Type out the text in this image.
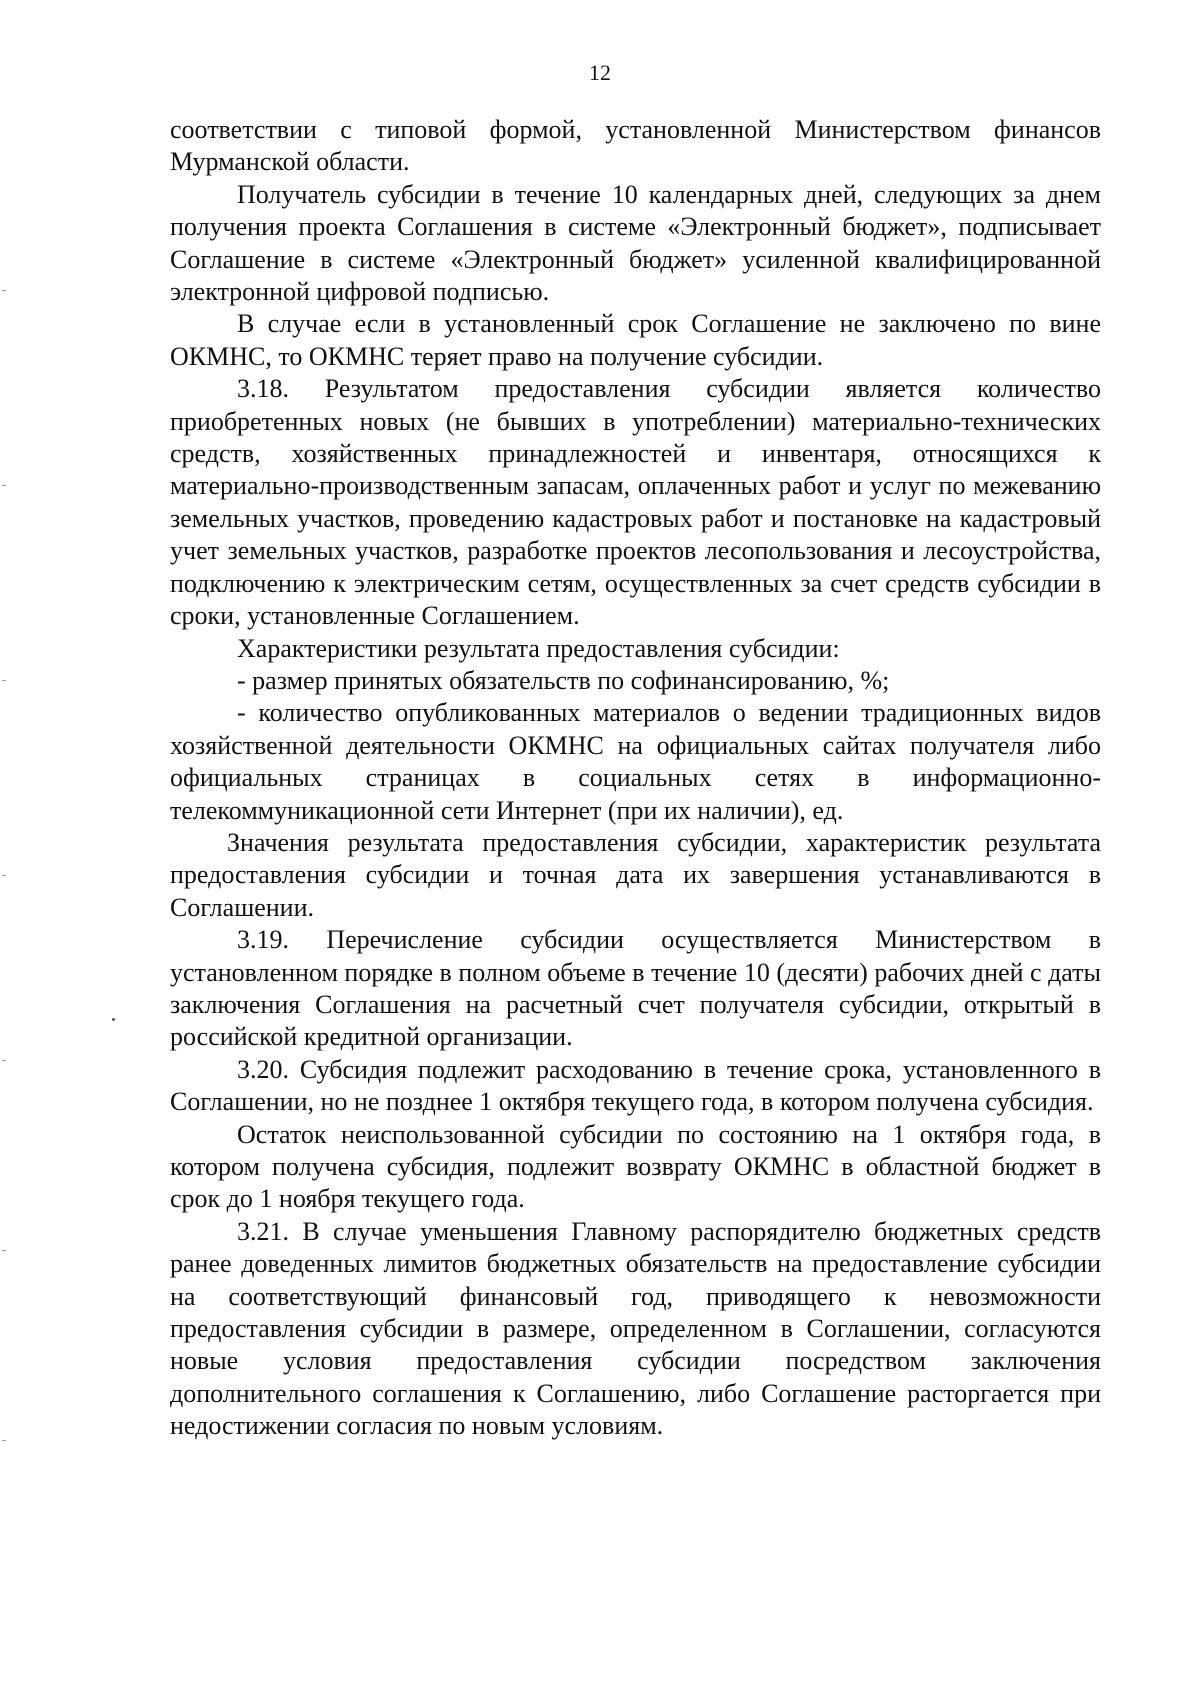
12

соответствии с типовой формой, установленной Министерством финансов Мурманской области.

Получатель субсидии в течение 10 календарных дней, следующих за днем получения проекта Соглашения в системе «Электронный бюджет», подписывает Соглашение в системе «Электронный бюджет» усиленной квалифицированной электронной цифровой подписью.

В случае если в установленный срок Соглашение не заключено по вине ОКМНС, то ОКМНС теряет право на получение субсидии.

3.18. Результатом предоставления субсидии является количество приобретенных новых (не бывших в употреблении) материально-технических средств, хозяйственных принадлежностей и инвентаря, относящихся к материально-производственным запасам, оплаченных работ и услуг по межеванию земельных участков, проведению кадастровых работ и постановке на кадастровый учет земельных участков, разработке проектов лесопользования и лесоустройства, подключению к электрическим сетям, осуществленных за счет средств субсидии в сроки, установленные Соглашением.

Характеристики результата предоставления субсидии:

- размер принятых обязательств по софинансированию, %;

- количество опубликованных материалов о ведении традиционных видов хозяйственной деятельности ОКМНС на официальных сайтах получателя либо официальных страницах в социальных сетях в информационно-телекоммуникационной сети Интернет (при их наличии), ед.

Значения результата предоставления субсидии, характеристик результата предоставления субсидии и точная дата их завершения устанавливаются в Соглашении.

3.19. Перечисление субсидии осуществляется Министерством в установленном порядке в полном объеме в течение 10 (десяти) рабочих дней с даты заключения Соглашения на расчетный счет получателя субсидии, открытый в российской кредитной организации.

3.20. Субсидия подлежит расходованию в течение срока, установленного в Соглашении, но не позднее 1 октября текущего года, в котором получена субсидия.

Остаток неиспользованной субсидии по состоянию на 1 октября года, в котором получена субсидия, подлежит возврату ОКМНС в областной бюджет в срок до 1 ноября текущего года.

3.21. В случае уменьшения Главному распорядителю бюджетных средств ранее доведенных лимитов бюджетных обязательств на предоставление субсидии на соответствующий финансовый год, приводящего к невозможности предоставления субсидии в размере, определенном в Соглашении, согласуются новые условия предоставления субсидии посредством заключения дополнительного соглашения к Соглашению, либо Соглашение расторгается при недостижении согласия по новым условиям.
